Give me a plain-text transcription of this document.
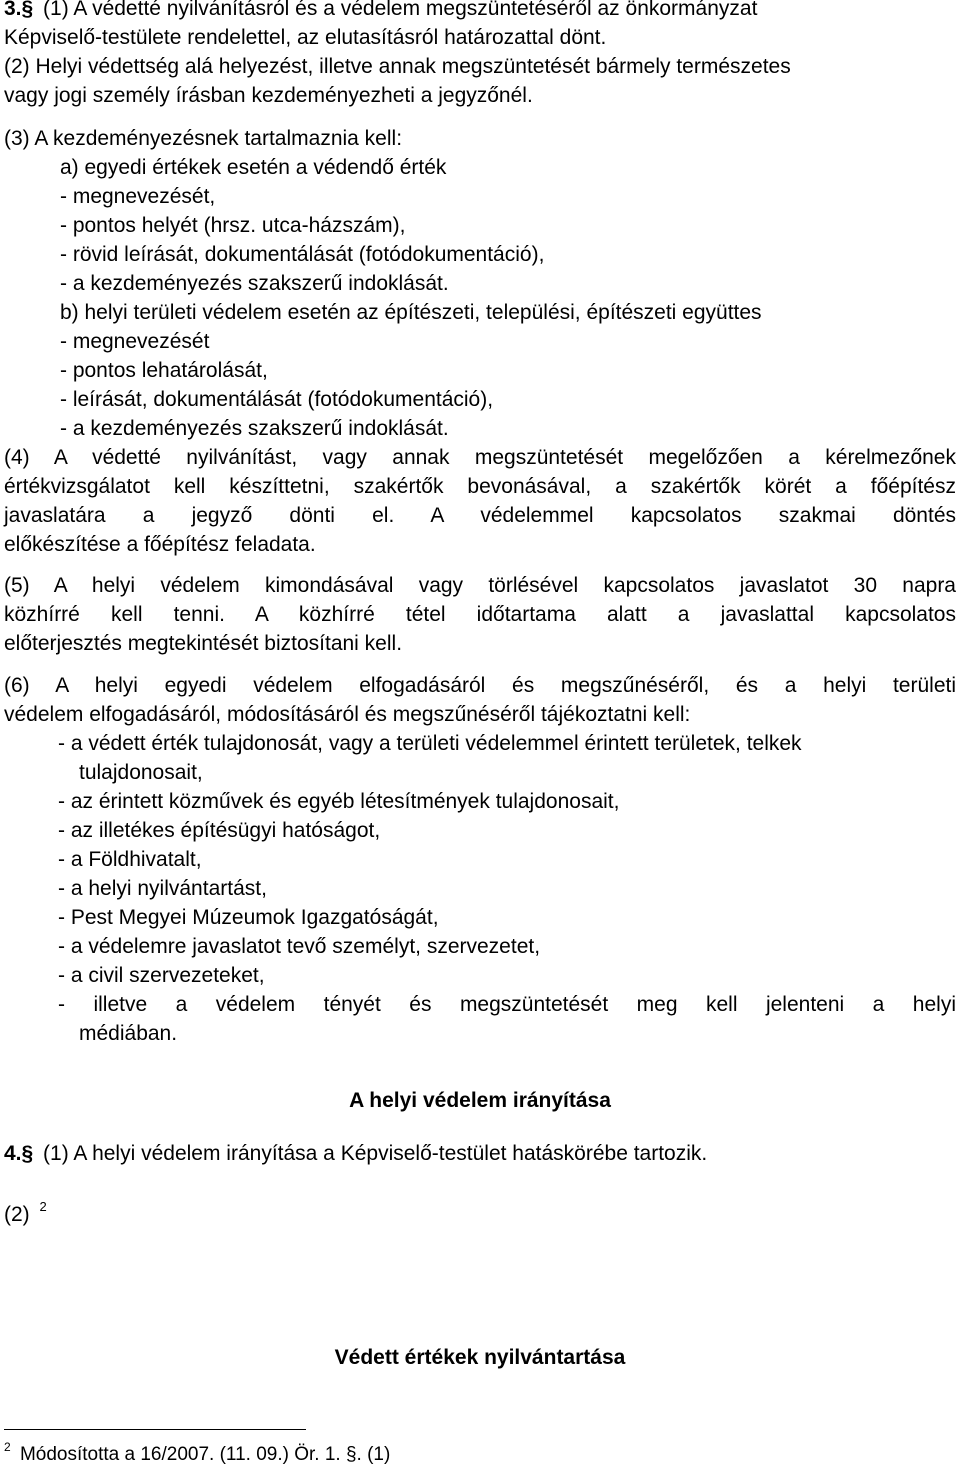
3.§ (1) A védetté nyilvánításról és a védelem megszüntetéséről az önkormányzat
Képviselő-testülete rendelettel, az elutasításról határozattal dönt.
(2) Helyi védettség alá helyezést, illetve annak megszüntetését bármely természetes
vagy jogi személy írásban kezdeményezheti a jegyzőnél.
(3) A kezdeményezésnek tartalmaznia kell:
a) egyedi értékek esetén a védendő érték
- megnevezését,
- pontos helyét (hrsz. utca-házszám),
- rövid leírását, dokumentálását (fotódokumentáció),
- a kezdeményezés szakszerű indoklását.
b) helyi területi védelem esetén az építészeti, települési, építészeti együttes
- megnevezését
- pontos lehatárolását,
- leírását, dokumentálását (fotódokumentáció),
- a kezdeményezés szakszerű indoklását.
(4) A védetté nyilvánítást, vagy annak megszüntetését megelőzően a kérelmezőnek
értékvizsgálatot kell készíttetni, szakértők bevonásával, a szakértők körét a főépítész
javaslatára a jegyző dönti el. A védelemmel kapcsolatos szakmai döntés
előkészítése a főépítész feladata.
(5) A helyi védelem kimondásával vagy törlésével kapcsolatos javaslatot 30 napra
közhírré kell tenni. A közhírré tétel időtartama alatt a javaslattal kapcsolatos
előterjesztés megtekintését biztosítani kell.
(6) A helyi egyedi védelem elfogadásáról és megszűnéséről, és a helyi területi
védelem elfogadásáról, módosításáról és megszűnéséről tájékoztatni kell:
- a védett érték tulajdonosát, vagy a területi védelemmel érintett területek, telkek
tulajdonosait,
- az érintett közművek és egyéb létesítmények tulajdonosait,
- az illetékes építésügyi hatóságot,
- a Földhivatalt,
- a helyi nyilvántartást,
- Pest Megyei Múzeumok Igazgatóságát,
- a védelemre javaslatot tevő személyt, szervezetet,
- a civil szervezeteket,
- illetve a védelem tényét és megszüntetését meg kell jelenteni a helyi
médiában.
A helyi védelem irányítása
4.§ (1) A helyi védelem irányítása a Képviselő-testület hatáskörébe tartozik.
(2) $^2$
Védett értékek nyilvántartása
$^2$ Módosította a 16/2007. (11. 09.) Ör. 1. §. (1)
